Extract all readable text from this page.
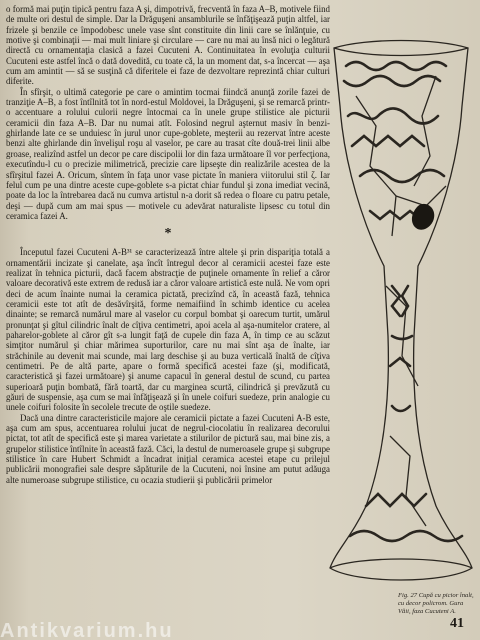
o formă mai puţin tipică pentru faza A şi, dimpotrivă, frecventă în faza A–B, motivele fiind de multe ori destul de simple. Dar la Drăguşeni ansamblurile se înfăţişează puţin altfel, iar frizele şi benzile ce împodobesc unele vase sînt constituite din linii care se înlănţuie, cu motive şi combinaţii — mai mult liniare şi circulare — care nu mai au însă nici o legătură directă cu ornamentaţia clasică a fazei Cucuteni A. Continuitatea în evoluţia culturii Cucuteni este astfel încă o dată dovedită, cu toate că, la un moment dat, s-a încercat — aşa cum am amintit — să se susţină că diferitele ei faze de dezvoltare reprezintă chiar culturi diferite.

În sfîrşit, o ultimă categorie pe care o amintim tocmai fiindcă anunţă zorile fazei de tranziţie A–B, a fost întîlnită tot în nord-estul Moldovei, la Drăguşeni, şi se remarcă printr-o accentuare a rolului culorii negre întocmai ca în unele grupe stilistice ale picturii ceramicii din faza A–B. Dar nu numai atît. Folosind negrul aşternut masiv în benzi-ghirlande late ce se unduiesc în jurul unor cupe-goblete, meşterii au rezervat între aceste benzi alte ghirlande din învelişul roşu al vaselor, pe care au trasat cîte două-trei linii albe groase, realizînd astfel un decor pe care discipolii lor din faza următoare îl vor perfecţiona, executîndu-l cu o precizie milimetrică, precizie care lipseşte din realizările acestea de la sfîrşitul fazei A. Oricum, sîntem în faţa unor vase pictate în maniera viitorului stil ζ. Iar felul cum pe una dintre aceste cupe-goblete s-a pictat chiar fundul şi zona imediat vecină, poate da loc la întrebarea dacă nu cumva artistul n-a dorit să redea o floare cu patru petale, deşi — după cum am mai spus — motivele cu adevărat naturaliste lipsesc cu totul din ceramica fazei A.

*

Începutul fazei Cucuteni A-B³¹ se caracterizează între altele şi prin dispariţia totală a ornamentării incizate şi canelate, aşa încît întregul decor al ceramicii acestei faze este realizat în tehnica picturii, dacă facem abstracţie de puţinele ornamente în relief a căror valoare decorativă este extrem de redusă iar a căror valoare artistică este nulă. Ne vom opri deci de acum înainte numai la ceramica pictată, precizînd că, în această fază, tehnica ceramicii este tot atît de desăvîrşită, forme nemaifiind în schimb identice cu acelea dinainte; se remarcă numărul mare al vaselor cu corpul bombat şi oarecum turtit, umărul pronunţat şi gîtul cilindric înalt de cîţiva centimetri, apoi acela al aşa-numitelor cratere, al paharelor-goblete al căror gît s-a lungit faţă de cupele din faza A, în timp ce au scăzut simţitor numărul şi chiar mărimea suporturilor, care nu mai sînt aşa de înalte, iar străchinile au devenit mai scunde, mai larg deschise şi au buza verticală înaltă de cîţiva centimetri. Pe de altă parte, apare o formă specifică acestei faze (şi, modificată, caracteristică şi fazei următoare) şi anume capacul în general destul de scund, cu partea superioară puţin bombată, fără toartă, dar cu marginea scurtă, cilindrică şi prevăzută cu găuri de suspensie, aşa cum se mai înfăţişează şi în unele coifuri suedeze, prin analogie cu unele coifuri folosite în secolele trecute de oştile suedeze.

Dacă una dintre caracteristicile majore ale ceramicii pictate a fazei Cucuteni A-B este, aşa cum am spus, accentuarea rolului jucat de negrul-ciocolatiu în realizarea decorului pictat, tot atît de specifică este şi marea varietate a stilurilor de pictură sau, mai bine zis, a grupelor stilistice întîlnite în această fază. Căci, la destul de numeroasele grupe şi subgrupe stilistice în care Hubert Schmidt a încadrat iniţial ceramica acestei etape cu prilejul publicării monografiei sale despre săpăturile de la Cucuteni, noi însine am putut adăuga alte numeroase subgrupe stilistice, cu ocazia studierii şi publicării primelor

Fig. 27 Cupă cu picior înalt, cu decor policrom. Gura Văii, faza Cucuteni A.
41
Antikvarium.hu
